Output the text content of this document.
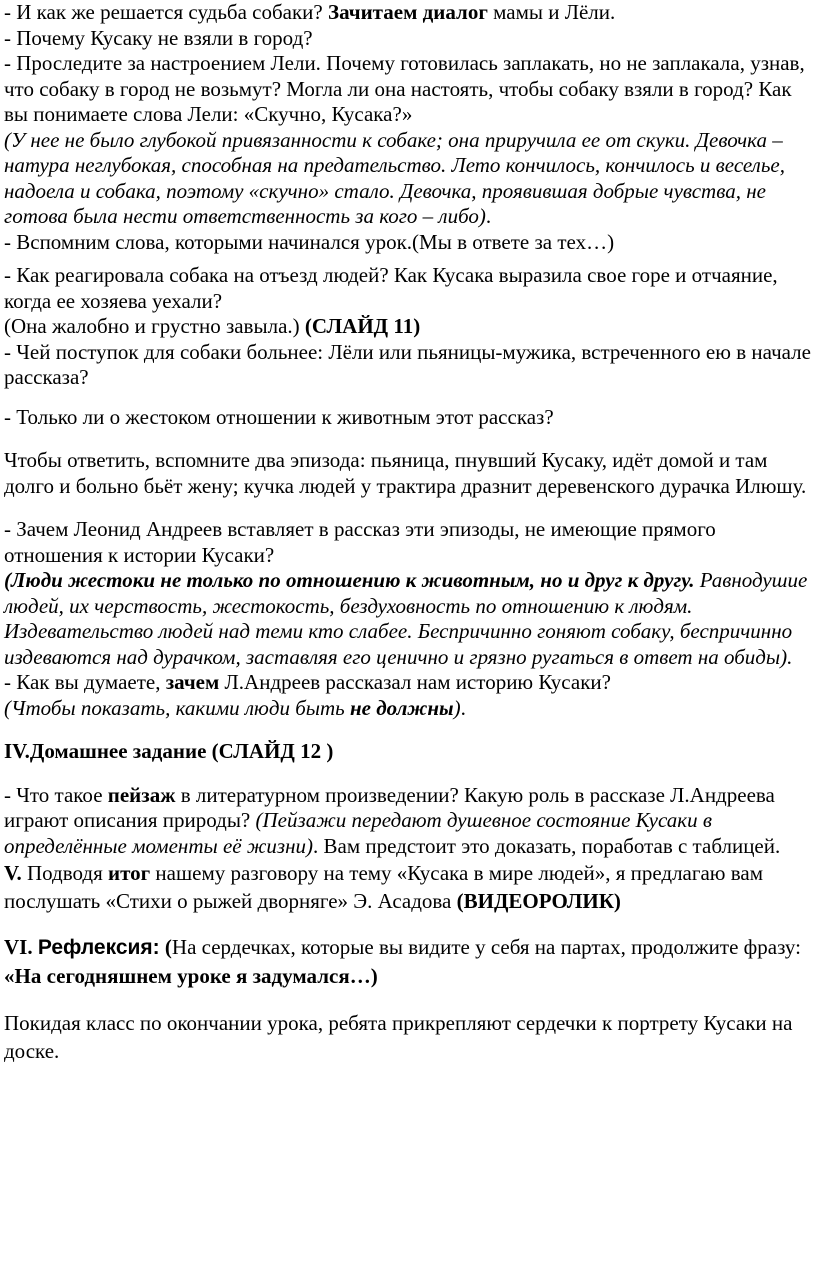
- И как же решается судьба собаки? Зачитаем диалог мамы и Лёли.

- Почему Кусаку не взяли в город?

- Проследите за настроением Лели. Почему готовилась заплакать, но не заплакала, узнав, что собаку в город не возьмут? Могла ли она настоять, чтобы собаку взяли в город? Как вы понимаете слова Лели: «Скучно, Кусака?»

(У нее не было глубокой привязанности к собаке; она приручила ее от скуки. Девочка – натура неглубокая, способная на предательство. Лето кончилось, кончилось и веселье, надоела и собака, поэтому «скучно» стало. Девочка, проявившая добрые чувства, не готова была нести ответственность за кого – либо).

- Вспомним слова, которыми начинался урок.(Мы в ответе за тех…)

- Как реагировала собака на отъезд людей? Как Кусака выразила свое горе и отчаяние, когда ее хозяева уехали?

(Она жалобно и грустно завыла.) (СЛАЙД 11)

- Чей поступок для собаки больнее: Лёли или пьяницы-мужика, встреченного ею в начале рассказа?

- Только ли о жестоком отношении к животным этот рассказ?

Чтобы ответить, вспомните два эпизода: пьяница, пнувший Кусаку, идёт домой и там долго и больно бьёт жену; кучка людей у трактира дразнит деревенского дурачка Илюшу.

- Зачем Леонид Андреев вставляет в рассказ эти эпизоды, не имеющие прямого отношения к истории Кусаки?

(Люди жестоки не только по отношению к животным, но и друг к другу. Равнодушие людей, их черствость, жестокость, бездуховность по отношению к людям. Издевательство людей над теми кто слабее. Беспричинно гоняют собаку, беспричинно издеваются над дурачком, заставляя его ценично и грязно ругаться в ответ на обиды).

- Как вы думаете, зачем Л.Андреев рассказал нам историю Кусаки?

(Чтобы показать, какими люди быть не должны).

IV.Домашнее задание (СЛАЙД 12 )

- Что такое пейзаж в литературном произведении? Какую роль в рассказе Л.Андреева играют описания природы? (Пейзажи передают душевное состояние Кусаки в определённые моменты её жизни). Вам предстоит это доказать, поработав с таблицей.

V. Подводя итог нашему разговору на тему «Кусака в мире людей», я предлагаю вам послушать «Стихи о рыжей дворняге» Э. Асадова (ВИДЕОРОЛИК)

VI. Рефлексия: (На сердечках, которые вы видите у себя на партах, продолжите фразу: «На сегодняшнем уроке я задумался…)

Покидая класс по окончании урока, ребята прикрепляют сердечки к портрету Кусаки на доске.
